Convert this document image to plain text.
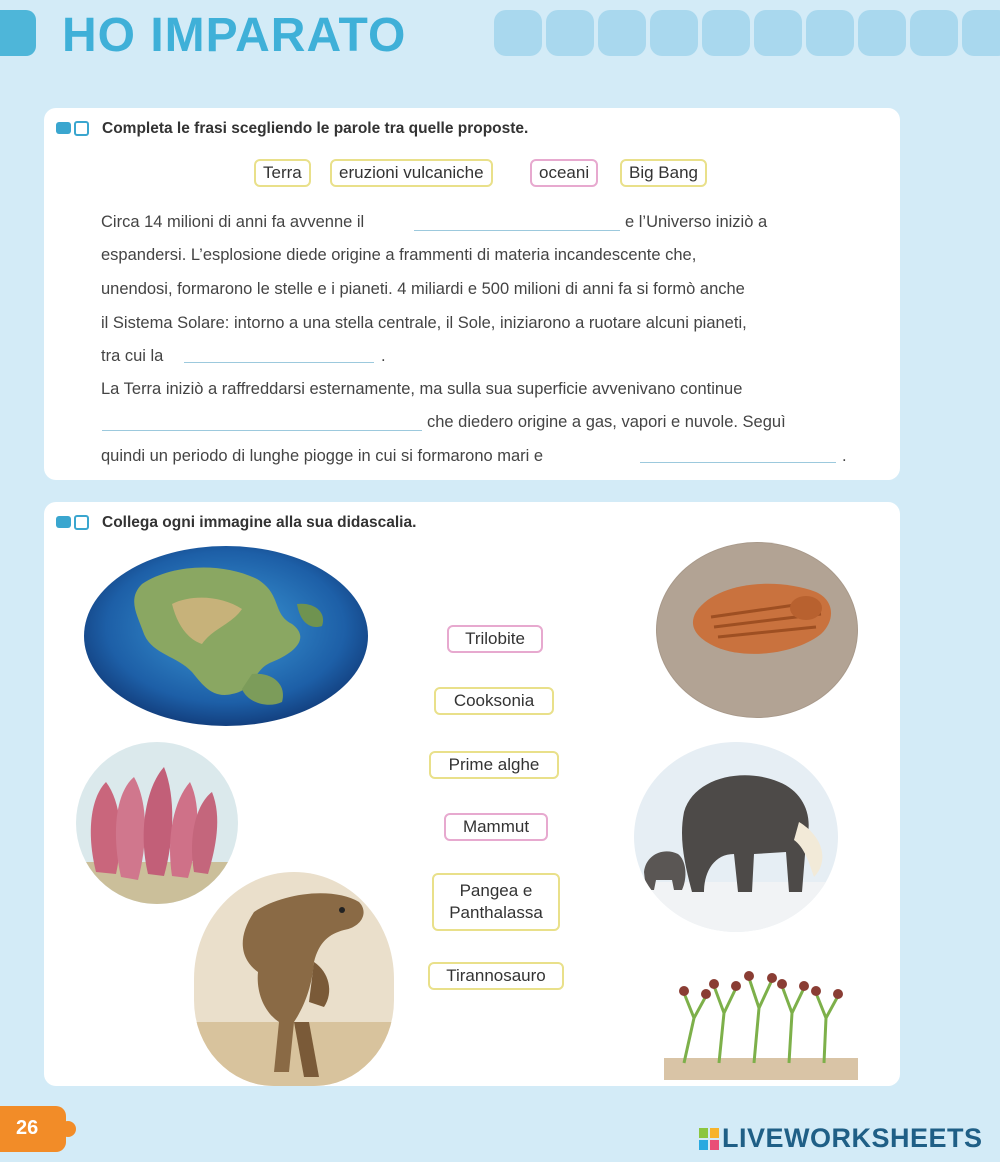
HO IMPARATO
Completa le frasi scegliendo le parole tra quelle proposte.
Terra	eruzioni vulcaniche	oceani	Big Bang
Circa 14 milioni di anni fa avvenne il	e l’Universo iniziò a
espandersi. L’esplosione diede origine a frammenti di materia incandescente che,
unendosi, formarono le stelle e i pianeti. 4 miliardi e 500 milioni di anni fa si formò anche
il Sistema Solare: intorno a una stella centrale, il Sole, iniziarono a ruotare alcuni pianeti,
tra cui la	.
La Terra iniziò a raffreddarsi esternamente, ma sulla sua superficie avvenivano continue
che diedero origine a gas, vapori e nuvole. Seguì
quindi un periodo di lunghe piogge in cui si formarono mari e	.
Collega ogni immagine alla sua didascalia.
Trilobite
Cooksonia
Prime alghe
Mammut
Pangea e
Panthalassa
Tirannosauro
26	LIVEWORKSHEETS
